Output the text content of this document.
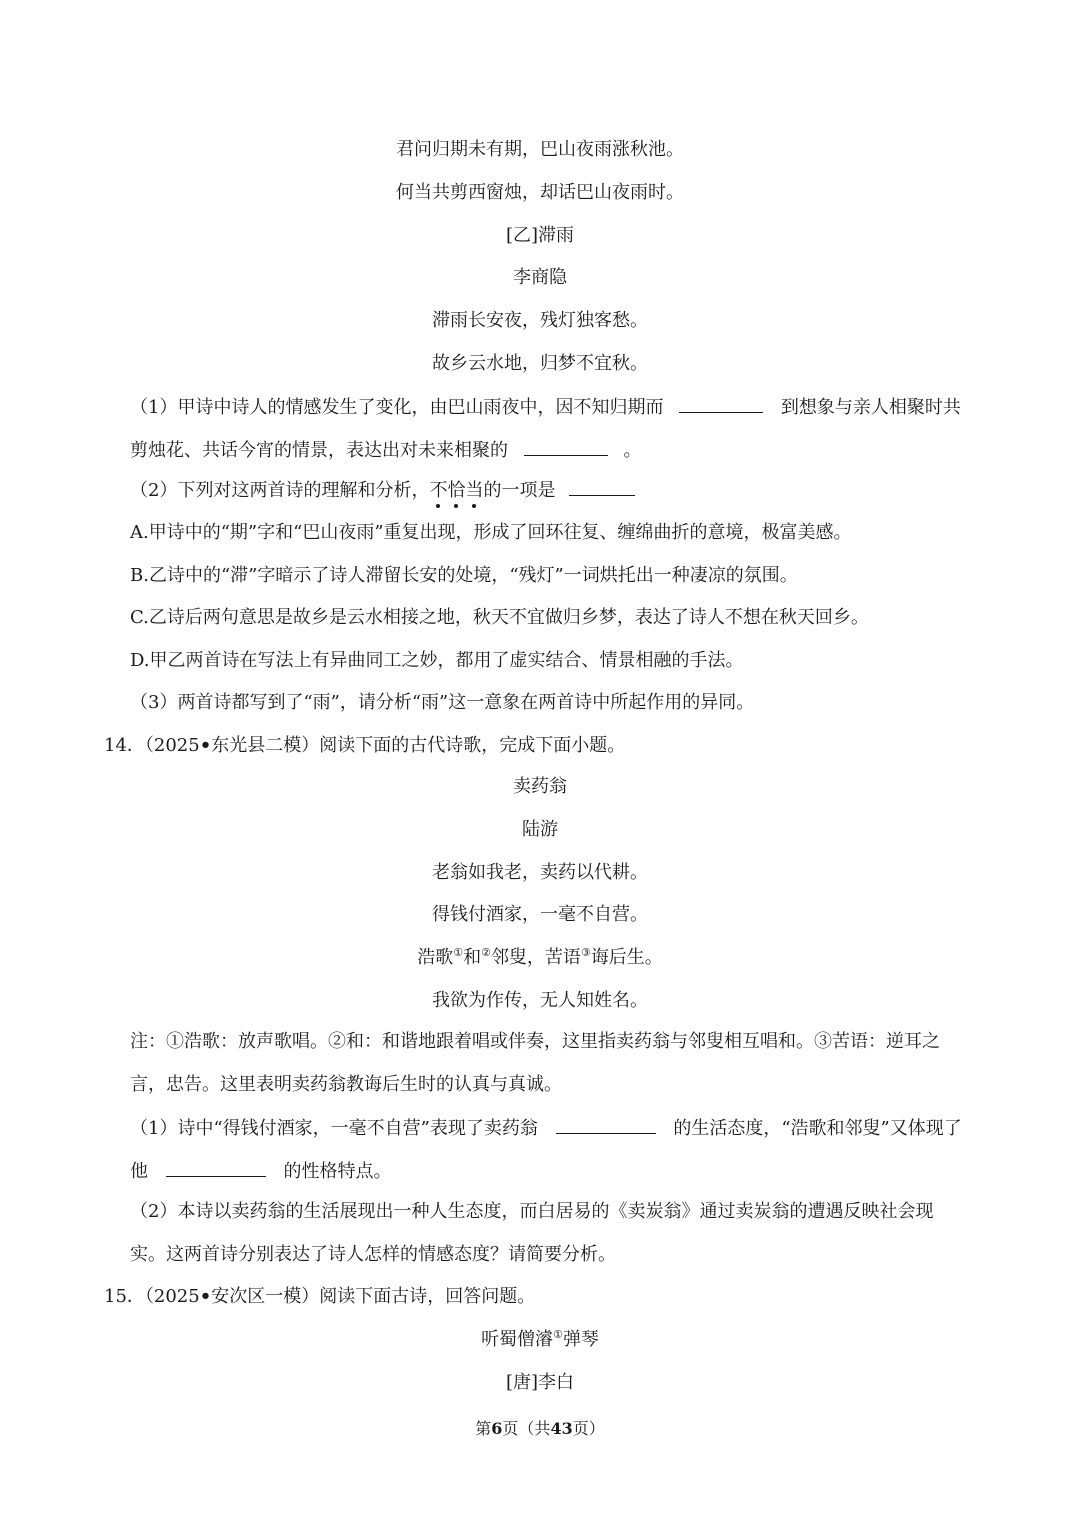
君问归期未有期，巴山夜雨涨秋池。
何当共剪西窗烛，却话巴山夜雨时。
[乙]滞雨
李商隐
滞雨长安夜，残灯独客愁。
故乡云水地，归梦不宜秋。
（1）甲诗中诗人的情感发生了变化，由巴山雨夜中，因不知归期而	到想象与亲人相聚时共
剪烛花、共话今宵的情景，表达出对未来相聚的	。
（2）下列对这两首诗的理解和分析，不恰当的一项是
A.甲诗中的“期”字和“巴山夜雨”重复出现，形成了回环往复、缠绵曲折的意境，极富美感。
B.乙诗中的“滞”字暗示了诗人滞留长安的处境，“残灯”一词烘托出一种凄凉的氛围。
C.乙诗后两句意思是故乡是云水相接之地，秋天不宜做归乡梦，表达了诗人不想在秋天回乡。
D.甲乙两首诗在写法上有异曲同工之妙，都用了虚实结合、情景相融的手法。
（3）两首诗都写到了“雨”，请分析“雨”这一意象在两首诗中所起作用的异同。
14．（2025•东光县二模）阅读下面的古代诗歌，完成下面小题。
卖药翁
陆游
老翁如我老，卖药以代耕。
得钱付酒家，一毫不自营。
浩歌①和②邻叟，苦语③诲后生。
我欲为作传，无人知姓名。
注：①浩歌：放声歌唱。②和：和谐地跟着唱或伴奏，这里指卖药翁与邻叟相互唱和。③苦语：逆耳之
言，忠告。这里表明卖药翁教诲后生时的认真与真诚。
（1）诗中“得钱付酒家，一毫不自营”表现了卖药翁	的生活态度，“浩歌和邻叟”又体现了
他	的性格特点。
（2）本诗以卖药翁的生活展现出一种人生态度，而白居易的《卖炭翁》通过卖炭翁的遭遇反映社会现
实。这两首诗分别表达了诗人怎样的情感态度？请简要分析。
15．（2025•安次区一模）阅读下面古诗，回答问题。
听蜀僧濬①弹琴
[唐]李白
第6页（共43页）
